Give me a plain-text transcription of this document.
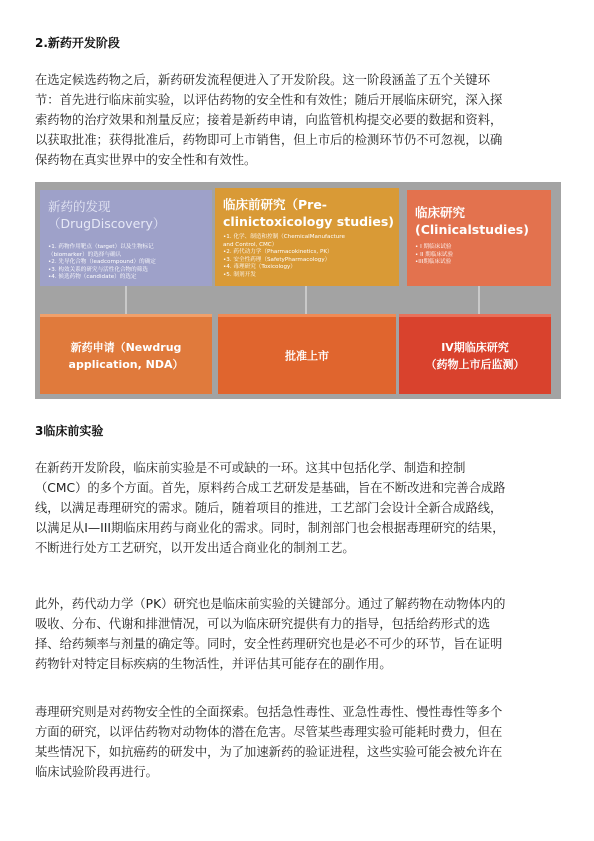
2.新药开发阶段
在选定候选药物之后，新药研发流程便进入了开发阶段。这一阶段涵盖了五个关键环
节：首先进行临床前实验，以评估药物的安全性和有效性；随后开展临床研究，深入探
索药物的治疗效果和剂量反应；接着是新药申请，向监管机构提交必要的数据和资料，
以获取批准；获得批准后，药物即可上市销售，但上市后的检测环节仍不可忽视，以确
保药物在真实世界中的安全性和有效性。
新药的发现
（DrugDiscovery）
•1. 药物作用靶点（target）以及生物标记
（biomarker）的选择与确认
•2. 先导化合物（leadcompound）的确定
•3. 构效关系的研究与活性化合物的筛选
•4. 候选药物（candidate）的选定
临床前研究（Pre-
clinictoxicology studies)
•1. 化学、制造和控制（ChemicalManufacture
and Control, CMC）
•2. 药代动力学（Pharmacokinetics, PK）
•3. 安全性药理（SafetyPharmacology）
•4. 毒理研究（Toxicology）
•5. 制剂开发
临床研究
(Clinicalstudies)
• I 期临床试验
• II 期临床试验
•III期临床试验
新药申请（Newdrug
application, NDA）
批准上市
IV期临床研究
（药物上市后监测）
3临床前实验
在新药开发阶段，临床前实验是不可或缺的一环。这其中包括化学、制造和控制
（CMC）的多个方面。首先，原料药合成工艺研发是基础，旨在不断改进和完善合成路
线，以满足毒理研究的需求。随后，随着项目的推进，工艺部门会设计全新合成路线，
以满足从I—III期临床用药与商业化的需求。同时，制剂部门也会根据毒理研究的结果，
不断进行处方工艺研究，以开发出适合商业化的制剂工艺。
此外，药代动力学（PK）研究也是临床前实验的关键部分。通过了解药物在动物体内的
吸收、分布、代谢和排泄情况，可以为临床研究提供有力的指导，包括给药形式的选
择、给药频率与剂量的确定等。同时，安全性药理研究也是必不可少的环节，旨在证明
药物针对特定目标疾病的生物活性，并评估其可能存在的副作用。
毒理研究则是对药物安全性的全面探索。包括急性毒性、亚急性毒性、慢性毒性等多个
方面的研究，以评估药物对动物体的潜在危害。尽管某些毒理实验可能耗时费力，但在
某些情况下，如抗癌药的研发中，为了加速新药的验证进程，这些实验可能会被允许在
临床试验阶段再进行。
